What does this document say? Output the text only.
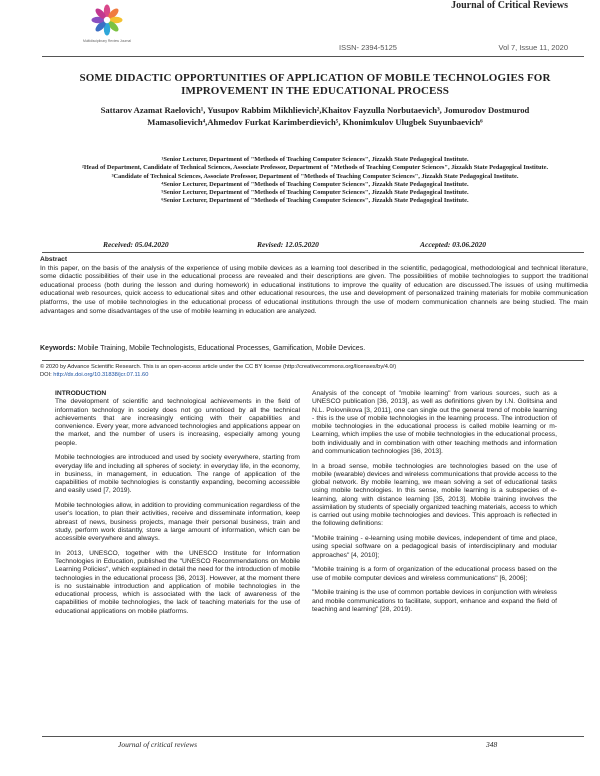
Multidisciplinary Review Journal
Journal of Critical Reviews
ISSN- 2394-5125	Vol 7, Issue 11, 2020
SOME DIDACTIC OPPORTUNITIES OF APPLICATION OF MOBILE TECHNOLOGIES FOR IMPROVEMENT IN THE EDUCATIONAL PROCESS
Sattarov Azamat Raelovich¹, Yusupov Rabbim Mikhlievich²,Khaitov Fayzulla Norbutaevich³, Jomurodov Dostmurod Mamasolievich⁴,Ahmedov Furkat Karimberdievich⁵, Khonimkulov Ulugbek Suyunbaevich⁶
¹Senior Lecturer, Department of "Methods of Teaching Computer Sciences", Jizzakh State Pedagogical Institute.
²Head of Department, Candidate of Technical Sciences, Associate Professor, Department of "Methods of Teaching Computer Sciences", Jizzakh State Pedagogical Institute.
³Candidate of Technical Sciences, Associate Professor, Department of "Methods of Teaching Computer Sciences", Jizzakh State Pedagogical Institute.
⁴Senior Lecturer, Department of "Methods of Teaching Computer Sciences", Jizzakh State Pedagogical Institute.
⁵Senior Lecturer, Department of "Methods of Teaching Computer Sciences", Jizzakh State Pedagogical Institute.
⁶Senior Lecturer, Department of "Methods of Teaching Computer Sciences", Jizzakh State Pedagogical Institute.
Received: 05.04.2020	Revised: 12.05.2020	Accepted: 03.06.2020
Abstract
In this paper, on the basis of the analysis of the experience of using mobile devices as a learning tool described in the scientific, pedagogical, methodological and technical literature, some didactic possibilities of their use in the educational process are revealed and their descriptions are given. The possibilities of mobile technologies to support the traditional educational process (both during the lesson and during homework) in educational institutions to improve the quality of education are discussed.The issues of using multimedia educational web resources, quick access to educational sites and other educational resources, the use and development of personalized training materials for mobile communication platforms, the use of mobile technologies in the educational process of educational institutions through the use of modern communication channels are being studied. The main advantages and some disadvantages of the use of mobile learning in education are analyzed.
Keywords: Mobile Training, Mobile Technologists, Educational Processes, Gamification, Mobile Devices.
© 2020 by Advance Scientific Research. This is an open-access article under the CC BY license (http://creativecommons.org/licenses/by/4.0/)
DOI: http://dx.doi.org/10.31838/jcr.07.11.60
INTRODUCTION

The development of scientific and technological achievements in the field of information technology in society does not go unnoticed by all the technical achievements that are increasingly enticing with their capabilities and convenience. Every year, more advanced technologies and applications appear on the market, and the number of users is increasing, especially among young people.

Mobile technologies are introduced and used by society everywhere, starting from everyday life and including all spheres of society: in everyday life, in the economy, in business, in management, in education. The range of application of the capabilities of mobile technologies is constantly expanding, becoming accessible and easily used [7, 2019).

Mobile technologies allow, in addition to providing communication regardless of the user's location, to plan their activities, receive and disseminate information, keep abreast of news, business projects, manage their personal business, train and study, perform work distantly, store a large amount of information, which can be accessible everywhere and always.

In 2013, UNESCO, together with the UNESCO Institute for Information Technologies in Education, published the "UNESCO Recommendations on Mobile Learning Policies", which explained in detail the need for the introduction of mobile technologies in the educational process [36, 2013]. However, at the moment there is no sustainable introduction and application of mobile technologies in the educational process, which is associated with the lack of awareness of the capabilities of mobile technologies, the lack of teaching materials for the use of educational applications on mobile platforms.

Analysis of the concept of "mobile learning" from various sources, such as a UNESCO publication [36, 2013], as well as definitions given by I.N. Golitsina and N.L. Polovnikova [3, 2011], one can single out the general trend of mobile learning - this is the use of mobile technologies in the learning process. The introduction of mobile technologies in the educational process is called mobile learning or m-Learning, which implies the use of mobile technologies in the educational process, both individually and in combination with other teaching methods and information and communication technologies [36, 2013].

In a broad sense, mobile technologies are technologies based on the use of mobile (wearable) devices and wireless communications that provide access to the global network. By mobile learning, we mean solving a set of educational tasks using mobile technologies. In this sense, mobile learning is a subspecies of e-learning, along with distance learning [35, 2013]. Mobile training involves the assimilation by students of specially organized teaching materials, access to which is carried out using mobile technologies and devices. This approach is reflected in the following definitions:

"Mobile training - e-learning using mobile devices, independent of time and place, using special software on a pedagogical basis of interdisciplinary and modular approaches" [4, 2010];

"Mobile training is a form of organization of the educational process based on the use of mobile computer devices and wireless communications" [6, 2006];

"Mobile training is the use of common portable devices in conjunction with wireless and mobile communications to facilitate, support, enhance and expand the field of teaching and learning" [28, 2019).

Journal of critical reviews	348
